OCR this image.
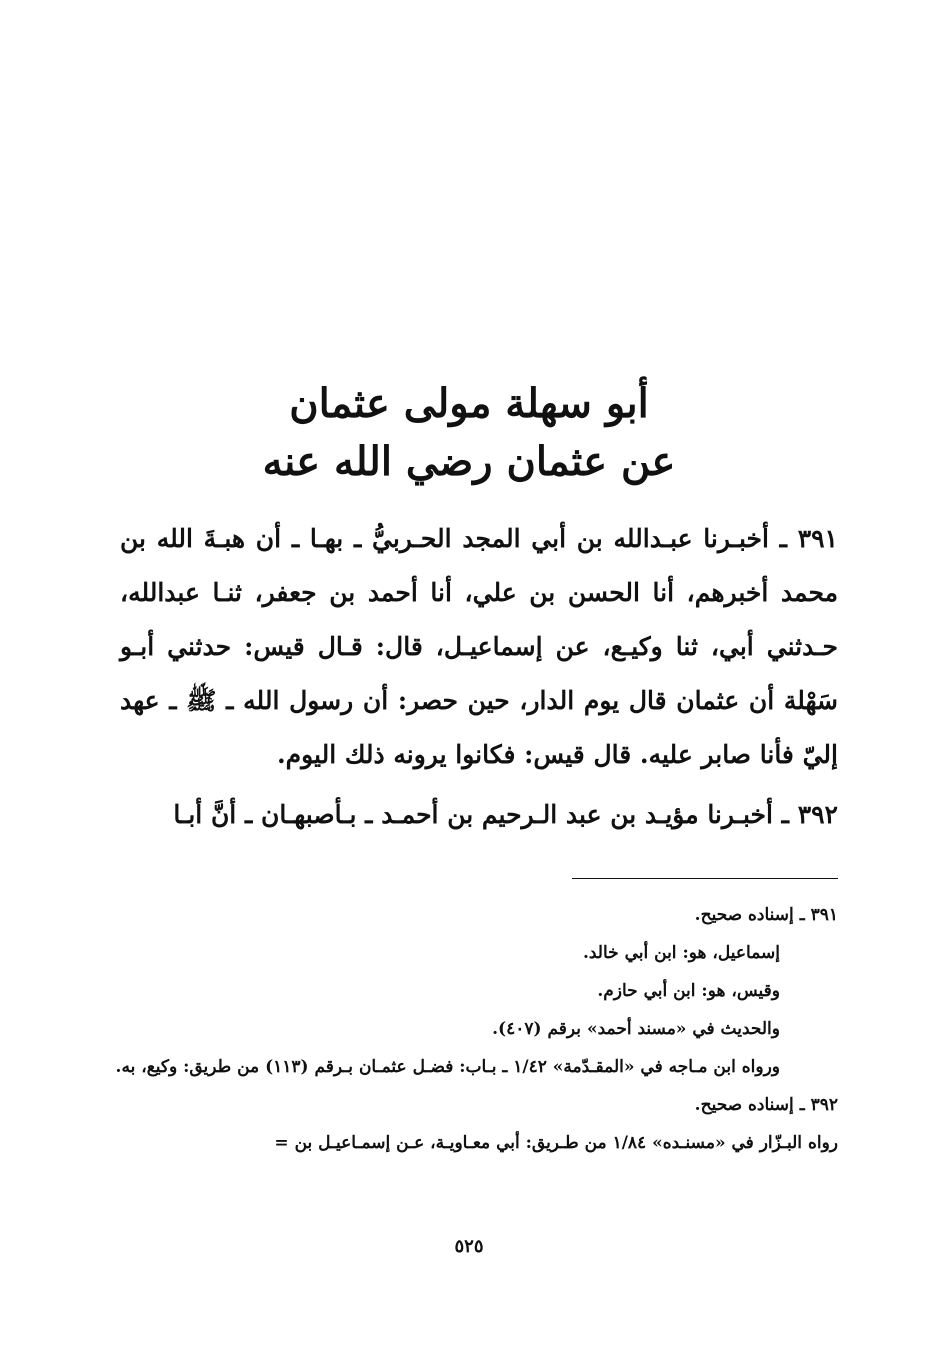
أبو سهلة مولى عثمان
عن عثمان رضي الله عنه

٣٩١ ـ أخبـرنا عبـدالله بن أبي المجد الحـربيُّ ـ بهـا ـ أن هبـةَ الله بن محمد أخبرهم، أنا الحسن بن علي، أنا أحمد بن جعفر، ثنـا عبدالله، حـدثني أبي، ثنا وكيـع، عن إسماعيـل، قال: قـال قيس: حدثني أبـو سَهْلة أن عثمان قال يوم الدار، حين حصر: أن رسول الله ـ ﷺ ـ عهد إليّ فأنا صابر عليه. قال قيس: فكانوا يرونه ذلك اليوم.

٣٩٢ ـ أخبـرنا مؤيـد بن عبد الـرحيم بن أحمـد ـ بـأصبهـان ـ أنَّ أبـا

٣٩١ ـ إسناده صحيح.

إسماعيل، هو: ابن أبي خالد.

وقيس، هو: ابن أبي حازم.

والحديث في «مسند أحمد» برقم (٤٠٧).

ورواه ابن مـاجه في «المقـدّمة» ١/٤٢ ـ بـاب: فضـل عثمـان بـرقم (١١٣) من طريق: وكيع، به.

٣٩٢ ـ إسناده صحيح.

رواه البـزّار في «مسنـده» ١/٨٤ من طـريق: أبي معـاويـة، عـن إسمـاعيـل بن =

٥٢٥
